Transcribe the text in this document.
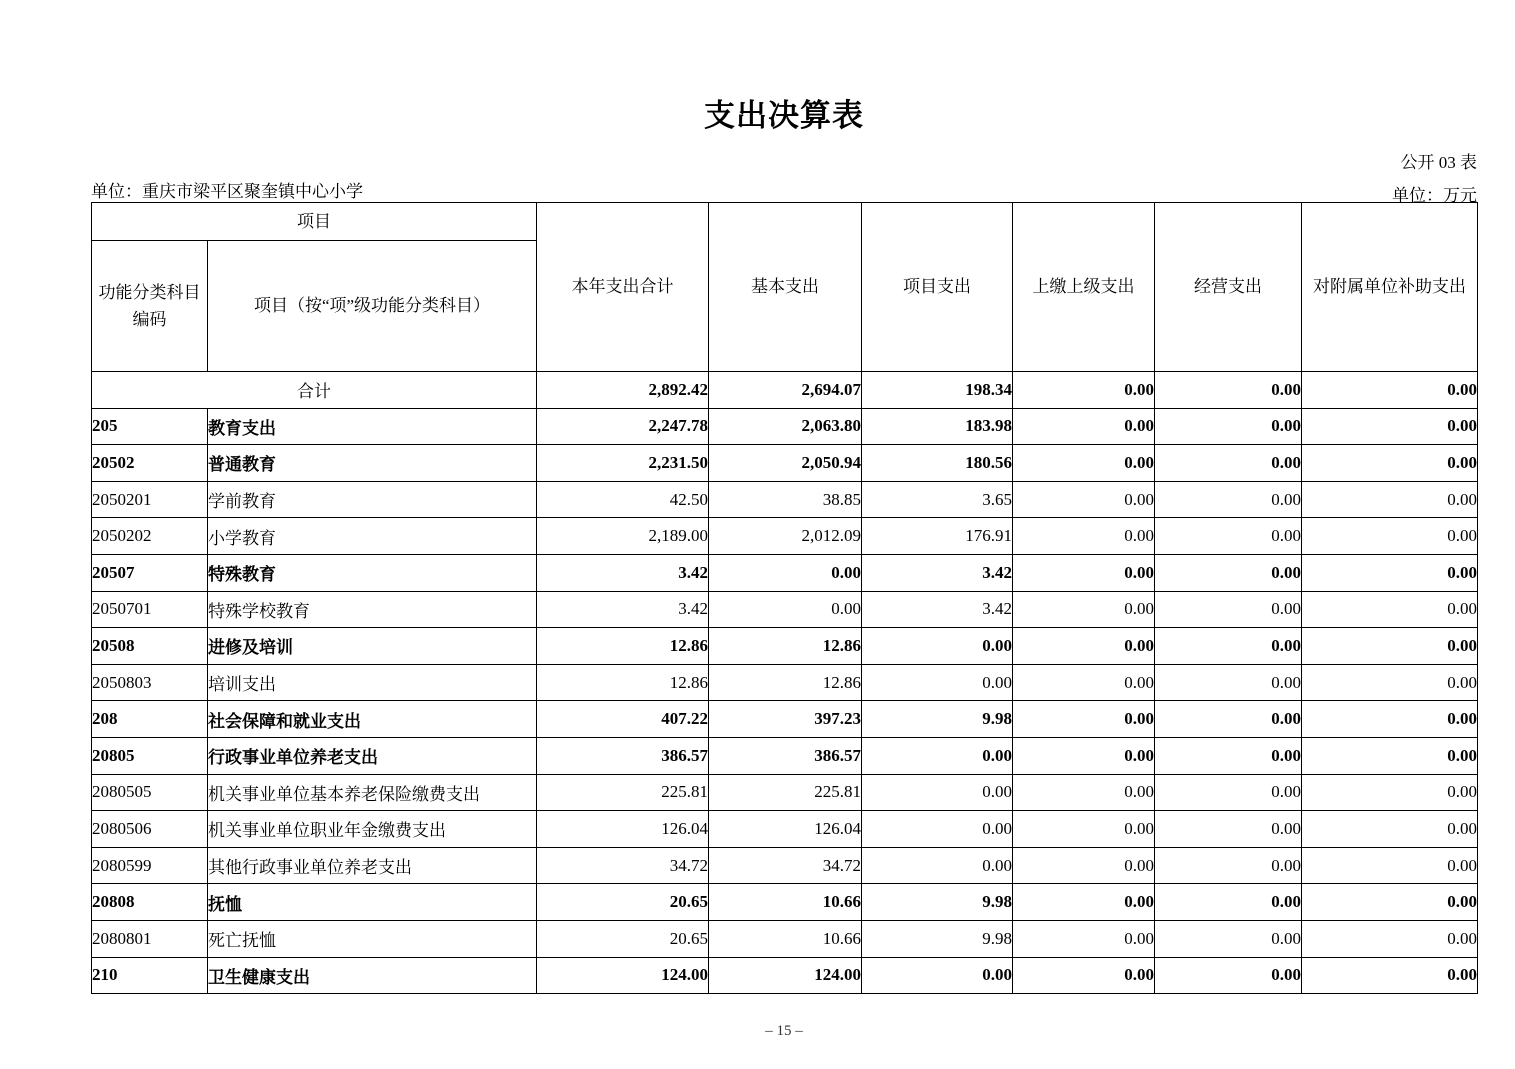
支出决算表
公开 03 表
单位：重庆市梁平区聚奎镇中心小学	单位：万元
项目		本年支出合计	基本支出	项目支出	上缴上级支出	经营支出	对附属单位补助支出
功能分类科目编码	项目（按“项”级功能分类科目）						
合计		2,892.42	2,694.07	198.34	0.00	0.00	0.00
205	教育支出	2,247.78	2,063.80	183.98	0.00	0.00	0.00
20502	普通教育	2,231.50	2,050.94	180.56	0.00	0.00	0.00
2050201	学前教育	42.50	38.85	3.65	0.00	0.00	0.00
2050202	小学教育	2,189.00	2,012.09	176.91	0.00	0.00	0.00
20507	特殊教育	3.42	0.00	3.42	0.00	0.00	0.00
2050701	特殊学校教育	3.42	0.00	3.42	0.00	0.00	0.00
20508	进修及培训	12.86	12.86	0.00	0.00	0.00	0.00
2050803	培训支出	12.86	12.86	0.00	0.00	0.00	0.00
208	社会保障和就业支出	407.22	397.23	9.98	0.00	0.00	0.00
20805	行政事业单位养老支出	386.57	386.57	0.00	0.00	0.00	0.00
2080505	机关事业单位基本养老保险缴费支出	225.81	225.81	0.00	0.00	0.00	0.00
2080506	机关事业单位职业年金缴费支出	126.04	126.04	0.00	0.00	0.00	0.00
2080599	其他行政事业单位养老支出	34.72	34.72	0.00	0.00	0.00	0.00
20808	抚恤	20.65	10.66	9.98	0.00	0.00	0.00
2080801	死亡抚恤	20.65	10.66	9.98	0.00	0.00	0.00
210	卫生健康支出	124.00	124.00	0.00	0.00	0.00	0.00
– 15 –
